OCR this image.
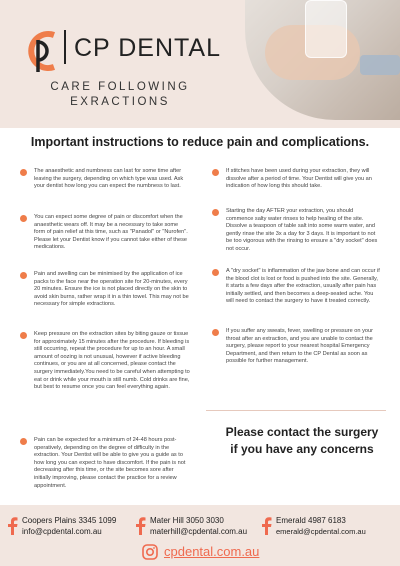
CP DENTAL
CARE FOLLOWING EXRACTIONS
Important instructions to reduce pain and complications.
The anaesthetic and numbness can last for some time after leaving the surgery, depending on which type was used. Ask your dentist how long you can expect the numbness to last.
You can expect some degree of pain or discomfort when the anaesthetic wears off. It may be a necessary to take some form of pain relief at this time, such as "Panadol" or "Nurofen". Please let your Dentist know if you cannot take either of these medications.
Pain and swelling can be minimised by the application of ice packs to the face near the operation site for 20-minutes, every 20 minutes. Ensure the ice is not placed directly on the skin to avoid skin burns, rather wrap it in a thin towel. This may not be necessary for simple extractions.
Keep pressure on the extraction sites by biting gauze or tissue for approximately 15 minutes after the procedure. If bleeding is still occurring, repeat the procedure for up to an hour. A small amount of oozing is not unusual, however if active bleeding continues, or you are at all concerned, please contact the surgery immediately.You need to be careful when attempting to eat or drink while your mouth is still numb. Cold drinks are fine, but best to resume once you can feel everything again.
Pain can be expected for a minimum of 24-48 hours post-operatively, depending on the degree of difficulty in the extraction. Your Dentist will be able to give you a guide as to how long you can expect to have discomfort. If the pain is not decreasing after this time, or the site becomes sore after initially improving, please contact the practice for a review appointment.
If stitches have been used during your extraction, they will dissolve after a period of time. Your Dentist will give you an indication of how long this should take.
Starting the day AFTER your extraction, you should commence salty water rinses to help healing of the site. Dissolve a teaspoon of table salt into some warm water, and gently rinse the site 3x a day for 3 days. It is important to not be too vigorous with the rinsing to ensure a "dry socket" does not occur.
A "dry socket" is inflammation of the jaw bone and can occur if the blood clot is lost or food is pushed into the site. Generally, it starts a few days after the extraction, usually after pain has initially settled, and then becomes a deep-seated ache. You will need to contact the surgery to have it treated correctly.
If you suffer any sweats, fever, swelling or pressure on your throat after an extraction, and you are unable to contact the surgery, please report to your nearest hospital Emergency Department, and then return to the CP Dental as soon as possible for further management.
Please contact the surgery if you have any concerns
Coopers Plains 3345 1099
info@cpdental.com.au
Mater Hill 3050 3030
materhill@cpdental.com.au
Emerald 4987 6183
emerald@cpdental.com.au
cpdental.com.au
